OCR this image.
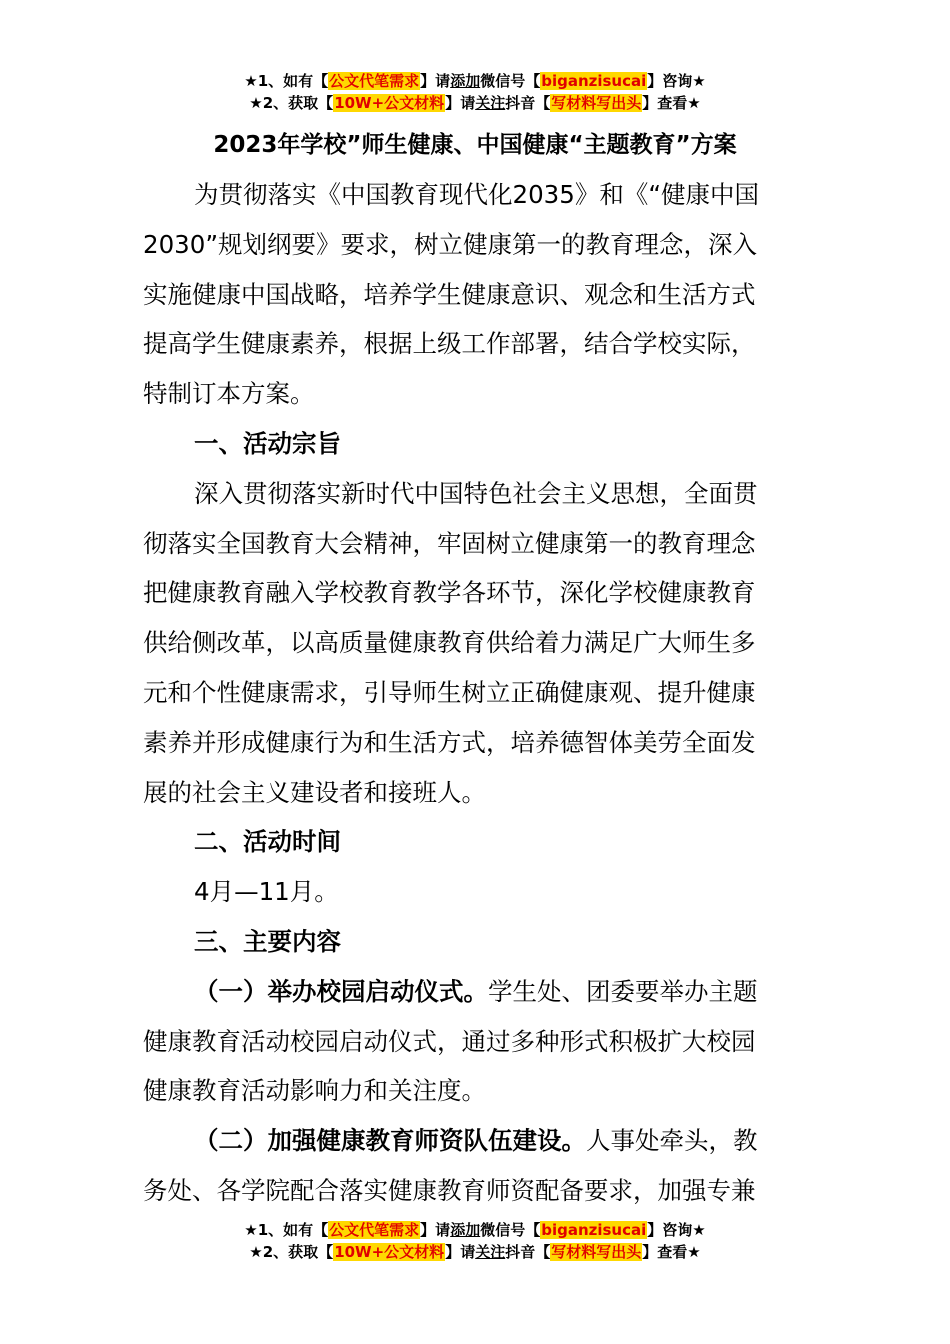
★1、如有【公文代笔需求】请添加微信号【biganzisucai】咨询★
★2、获取【10W+公文材料】请关注抖音【写材料写出头】查看★
2023年学校”师生健康、中国健康“主题教育”方案
为贯彻落实《中国教育现代化2035》和《“健康中国
2030”规划纲要》要求，树立健康第一的教育理念，深入
实施健康中国战略，培养学生健康意识、观念和生活方式
提高学生健康素养，根据上级工作部署，结合学校实际，
特制订本方案。
一、活动宗旨
深入贯彻落实新时代中国特色社会主义思想，全面贯
彻落实全国教育大会精神，牢固树立健康第一的教育理念
把健康教育融入学校教育教学各环节，深化学校健康教育
供给侧改革，以高质量健康教育供给着力满足广大师生多
元和个性健康需求，引导师生树立正确健康观、提升健康
素养并形成健康行为和生活方式，培养德智体美劳全面发
展的社会主义建设者和接班人。
二、活动时间
4月—11月。
三、主要内容
（一）举办校园启动仪式。学生处、团委要举办主题
健康教育活动校园启动仪式，通过多种形式积极扩大校园
健康教育活动影响力和关注度。
（二）加强健康教育师资队伍建设。人事处牵头，教
务处、各学院配合落实健康教育师资配备要求，加强专兼
★1、如有【公文代笔需求】请添加微信号【biganzisucai】咨询★
★2、获取【10W+公文材料】请关注抖音【写材料写出头】查看★
